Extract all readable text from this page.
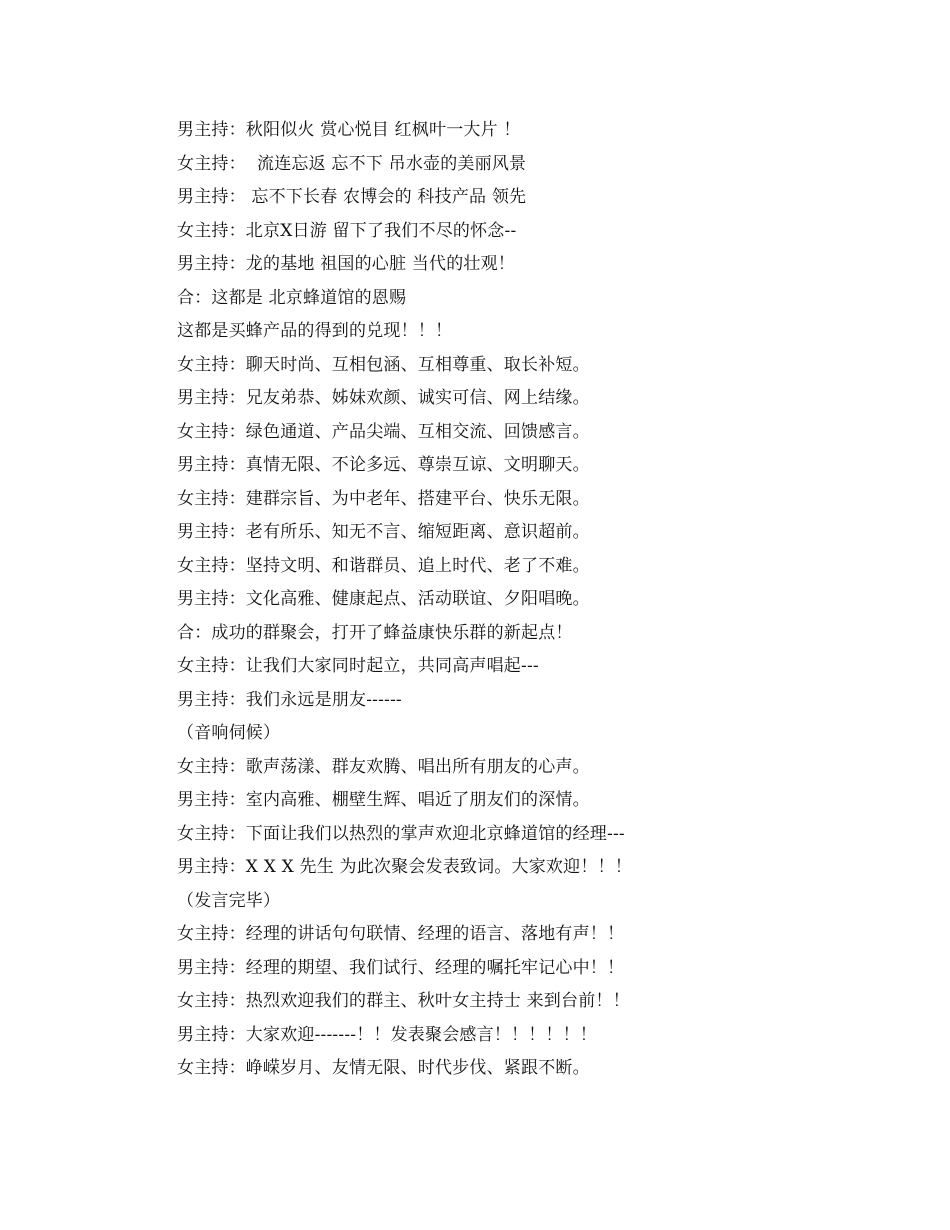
男主持：秋阳似火 赏心悦目 红枫叶一大片 ！
女主持：  流连忘返 忘不下 吊水壶的美丽风景
男主持： 忘不下长春 农博会的 科技产品 领先
女主持：北京X日游 留下了我们不尽的怀念--
男主持：龙的基地 祖国的心脏 当代的壮观！
合：这都是 北京蜂道馆的恩赐
这都是买蜂产品的得到的兑现！！！
女主持：聊天时尚、互相包涵、互相尊重、取长补短。
男主持：兄友弟恭、姊妹欢颜、诚实可信、网上结缘。
女主持：绿色通道、产品尖端、互相交流、回馈感言。
男主持：真情无限、不论多远、尊崇互谅、文明聊天。
女主持：建群宗旨、为中老年、搭建平台、快乐无限。
男主持：老有所乐、知无不言、缩短距离、意识超前。
女主持：坚持文明、和谐群员、追上时代、老了不难。
男主持：文化高雅、健康起点、活动联谊、夕阳唱晚。
合：成功的群聚会，打开了蜂益康快乐群的新起点！
女主持：让我们大家同时起立，共同高声唱起---
男主持：我们永远是朋友------
（音响伺候）
女主持：歌声荡漾、群友欢腾、唱出所有朋友的心声。
男主持：室内高雅、棚壁生辉、唱近了朋友们的深情。
女主持：下面让我们以热烈的掌声欢迎北京蜂道馆的经理---
男主持：X X X 先生 为此次聚会发表致词。大家欢迎！！！
（发言完毕）
女主持：经理的讲话句句联情、经理的语言、落地有声！！
男主持：经理的期望、我们试行、经理的嘱托牢记心中！！
女主持：热烈欢迎我们的群主、秋叶女主持士 来到台前！！
男主持：大家欢迎-------！！发表聚会感言！！！！！！
女主持：峥嵘岁月、友情无限、时代步伐、紧跟不断。
